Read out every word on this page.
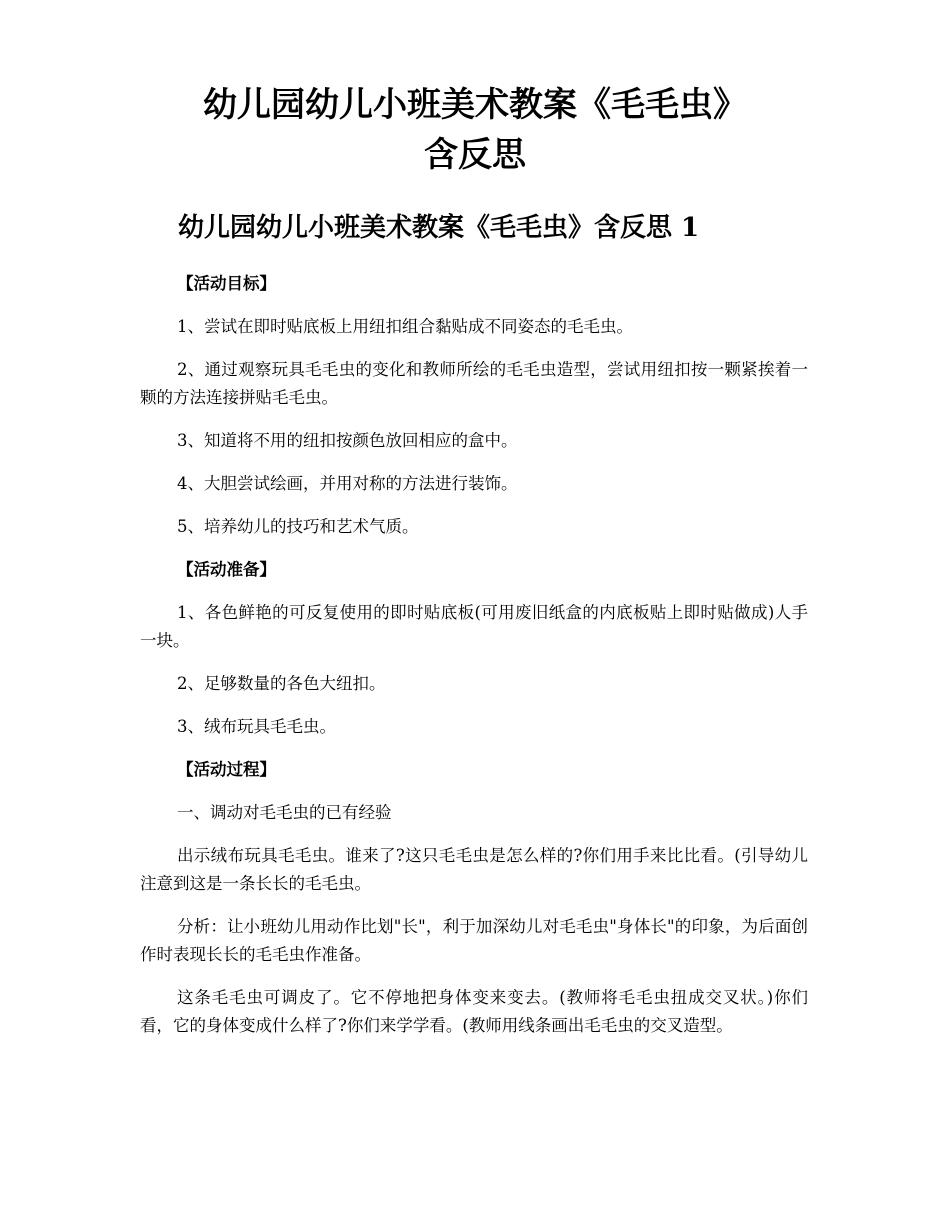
幼儿园幼儿小班美术教案《毛毛虫》
含反思
幼儿园幼儿小班美术教案《毛毛虫》含反思 1

【活动目标】

1、尝试在即时贴底板上用纽扣组合黏贴成不同姿态的毛毛虫。

2、通过观察玩具毛毛虫的变化和教师所绘的毛毛虫造型，尝试用纽扣按一颗紧挨着一颗的方法连接拼贴毛毛虫。

3、知道将不用的纽扣按颜色放回相应的盒中。

4、大胆尝试绘画，并用对称的方法进行装饰。

5、培养幼儿的技巧和艺术气质。

【活动准备】

1、各色鲜艳的可反复使用的即时贴底板(可用废旧纸盒的内底板贴上即时贴做成)人手一块。

2、足够数量的各色大纽扣。

3、绒布玩具毛毛虫。

【活动过程】

一、调动对毛毛虫的已有经验

出示绒布玩具毛毛虫。谁来了?这只毛毛虫是怎么样的?你们用手来比比看。(引导幼儿注意到这是一条长长的毛毛虫。

分析：让小班幼儿用动作比划"长"，利于加深幼儿对毛毛虫"身体长"的印象，为后面创作时表现长长的毛毛虫作准备。

这条毛毛虫可调皮了。它不停地把身体变来变去。(教师将毛毛虫扭成交叉状。)你们看，它的身体变成什么样了?你们来学学看。(教师用线条画出毛毛虫的交叉造型。
